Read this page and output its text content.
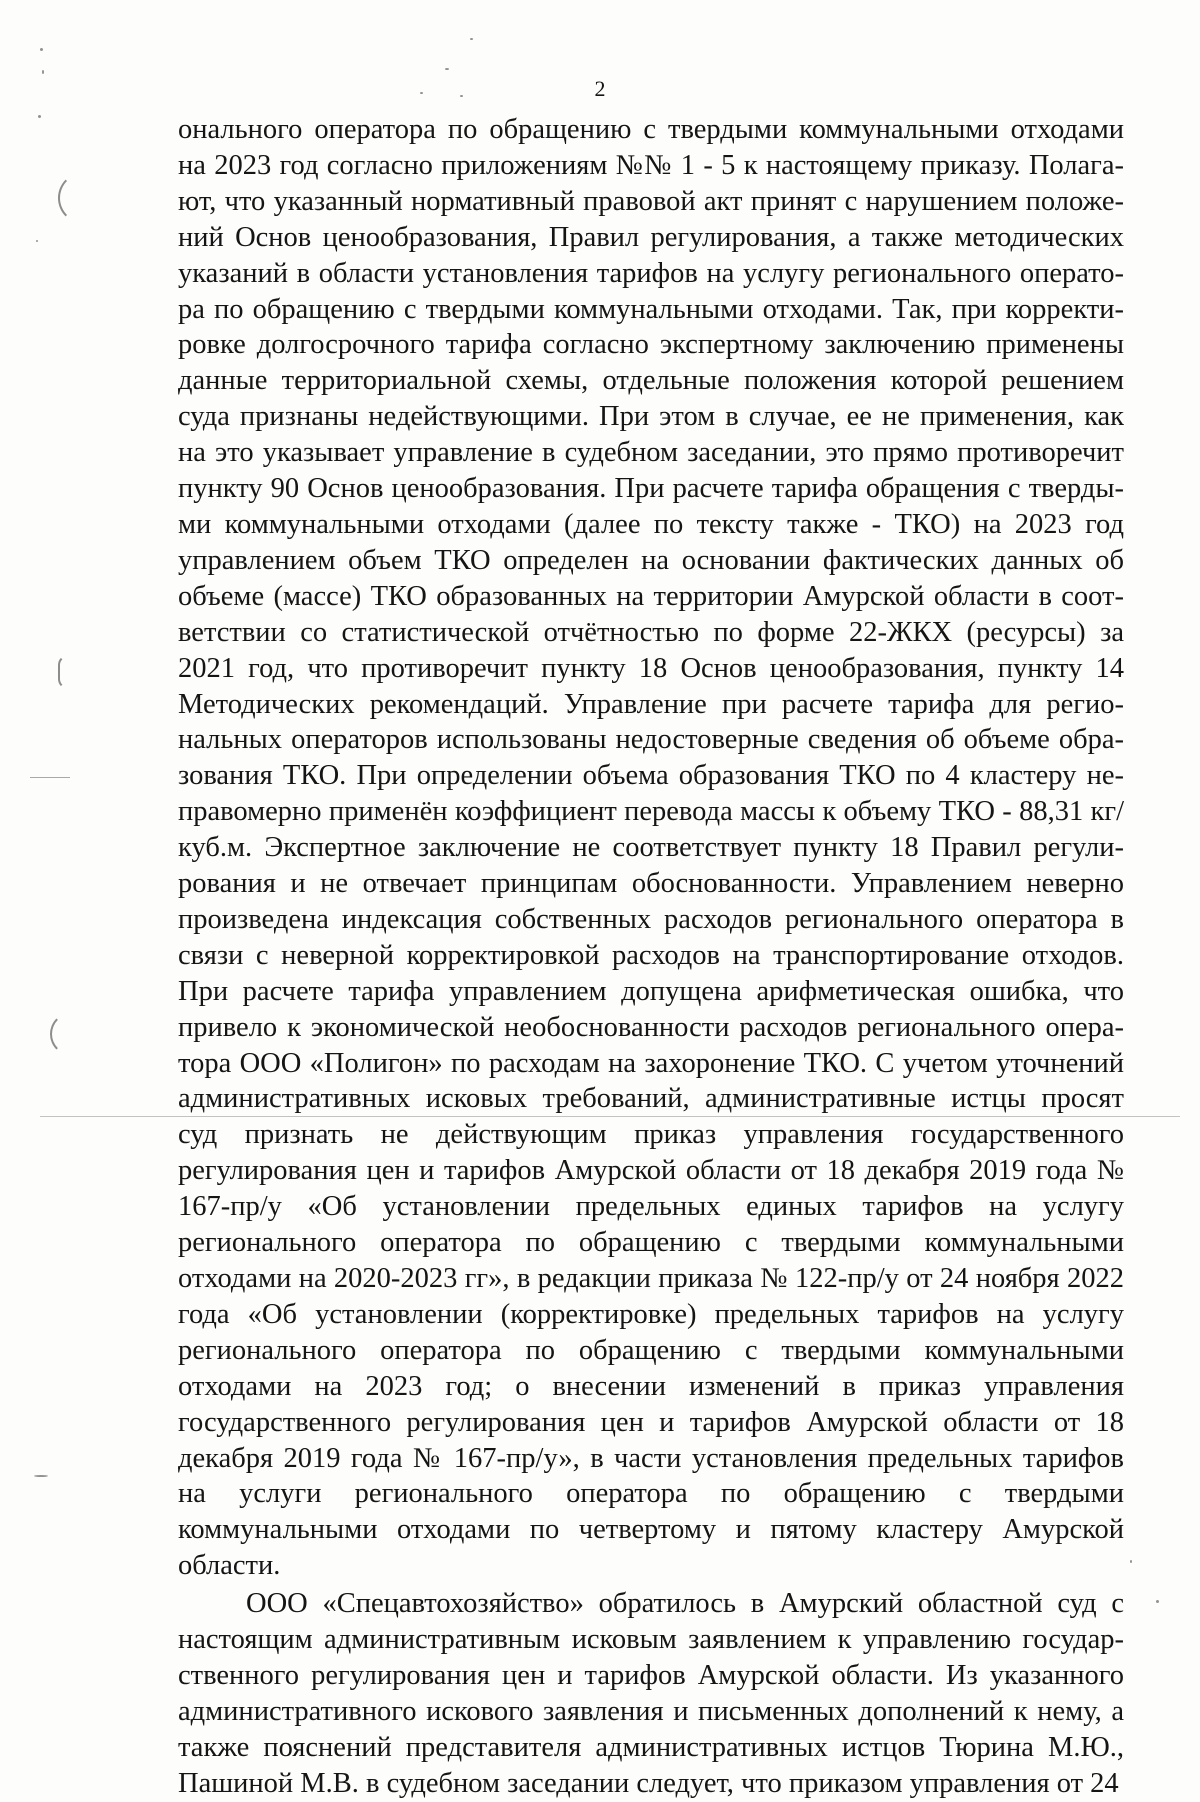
2

онального оператора по обращению с твердыми коммунальными отходами на 2023 год согласно приложениям №№ 1 - 5 к настоящему приказу. Полагают, что указанный нормативный правовой акт принят с нарушением положений Основ ценообразования, Правил регулирования, а также методических указаний в области установления тарифов на услугу регионального оператора по обращению с твердыми коммунальными отходами. Так, при корректировке долгосрочного тарифа согласно экспертному заключению применены данные территориальной схемы, отдельные положения которой решением суда признаны недействующими. При этом в случае, ее не применения, как на это указывает управление в судебном заседании, это прямо противоречит пункту 90 Основ ценообразования. При расчете тарифа обращения с твердыми коммунальными отходами (далее по тексту также - ТКО) на 2023 год управлением объем ТКО определен на основании фактических данных об объеме (массе) ТКО образованных на территории Амурской области в соответствии со статистической отчётностью по форме 22-ЖКХ (ресурсы) за 2021 год, что противоречит пункту 18 Основ ценообразования, пункту 14 Методических рекомендаций. Управление при расчете тарифа для региональных операторов использованы недостоверные сведения об объеме образования ТКО. При определении объема образования ТКО по 4 кластеру неправомерно применён коэффициент перевода массы к объему ТКО - 88,31 кг/куб.м. Экспертное заключение не соответствует пункту 18 Правил регулирования и не отвечает принципам обоснованности. Управлением неверно произведена индексация собственных расходов регионального оператора в связи с неверной корректировкой расходов на транспортирование отходов. При расчете тарифа управлением допущена арифметическая ошибка, что привело к экономической необоснованности расходов регионального оператора ООО «Полигон» по расходам на захоронение ТКО. С учетом уточнений административных исковых требований, административные истцы просят суд признать не действующим приказ управления государственного регулирования цен и тарифов Амурской области от 18 декабря 2019 года № 167-пр/у «Об установлении предельных единых тарифов на услугу регионального оператора по обращению с твердыми коммунальными отходами на 2020-2023 гг», в редакции приказа № 122-пр/у от 24 ноября 2022 года «Об установлении (корректировке) предельных тарифов на услугу регионального оператора по обращению с твердыми коммунальными отходами на 2023 год; о внесении изменений в приказ управления государственного регулирования цен и тарифов Амурской области от 18 декабря 2019 года № 167-пр/у», в части установления предельных тарифов на услуги регионального оператора по обращению с твердыми коммунальными отходами по четвертому и пятому кластеру Амурской области.

ООО «Спецавтохозяйство» обратилось в Амурский областной суд с настоящим административным исковым заявлением к управлению государственного регулирования цен и тарифов Амурской области. Из указанного административного искового заявления и письменных дополнений к нему, а также пояснений представителя административных истцов Тюрина М.Ю., Пашиной М.В. в судебном заседании следует, что приказом управления от 24
